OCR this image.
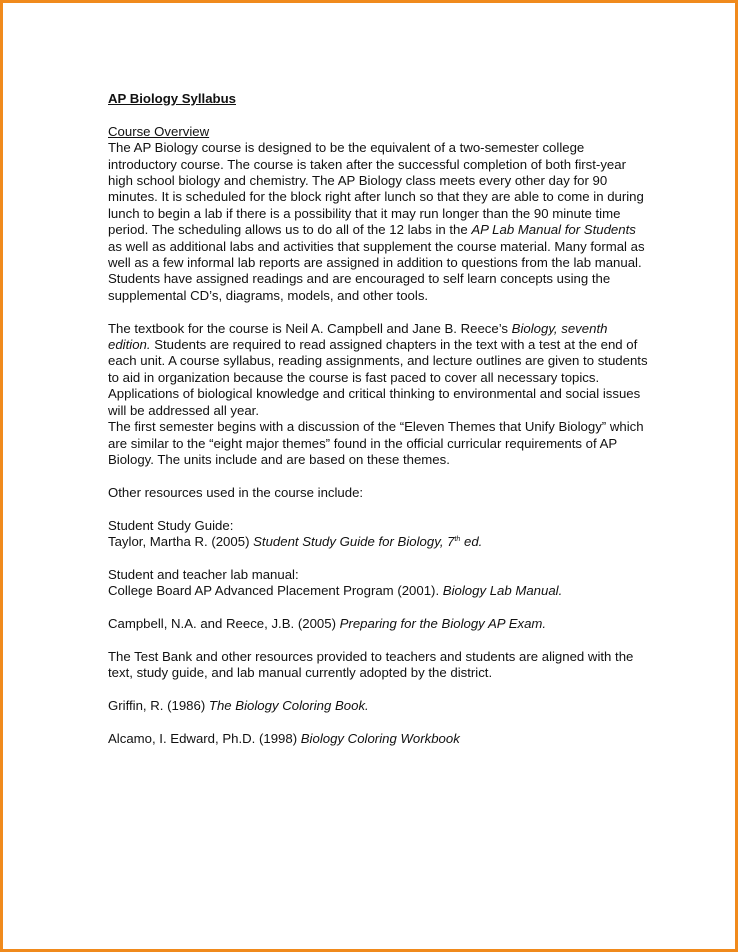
AP Biology Syllabus

Course Overview
The AP Biology course is designed to be the equivalent of a two-semester college introductory course. The course is taken after the successful completion of both first-year high school biology and chemistry. The AP Biology class meets every other day for 90 minutes. It is scheduled for the block right after lunch so that they are able to come in during lunch to begin a lab if there is a possibility that it may run longer than the 90 minute time period. The scheduling allows us to do all of the 12 labs in the AP Lab Manual for Students as well as additional labs and activities that supplement the course material. Many formal as well as a few informal lab reports are assigned in addition to questions from the lab manual. Students have assigned readings and are encouraged to self learn concepts using the supplemental CD’s, diagrams, models, and other tools.

The textbook for the course is Neil A. Campbell and Jane B. Reece’s Biology, seventh edition. Students are required to read assigned chapters in the text with a test at the end of each unit. A course syllabus, reading assignments, and lecture outlines are given to students to aid in organization because the course is fast paced to cover all necessary topics. Applications of biological knowledge and critical thinking to environmental and social issues will be addressed all year.
The first semester begins with a discussion of the “Eleven Themes that Unify Biology” which are similar to the “eight major themes” found in the official curricular requirements of AP Biology. The units include and are based on these themes.

Other resources used in the course include:

Student Study Guide:
Taylor, Martha R. (2005) Student Study Guide for Biology, 7th ed.

Student and teacher lab manual:
College Board AP Advanced Placement Program (2001). Biology Lab Manual.

Campbell, N.A. and Reece, J.B. (2005) Preparing for the Biology AP Exam.

The Test Bank and other resources provided to teachers and students are aligned with the text, study guide, and lab manual currently adopted by the district.

Griffin, R. (1986) The Biology Coloring Book.

Alcamo, I. Edward, Ph.D. (1998) Biology Coloring Workbook
